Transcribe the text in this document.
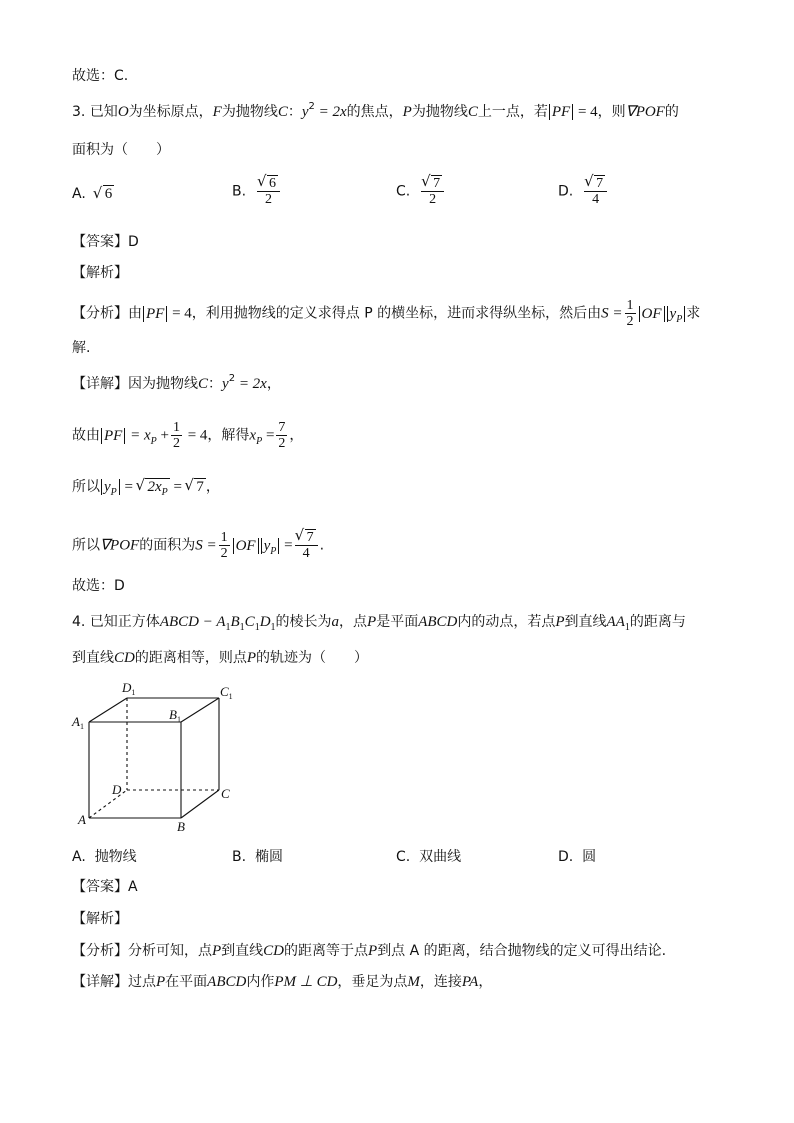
故选：C.
3. 已知O为坐标原点，F为抛物线C：$y^2 = 2x$的焦点，P为抛物线C上一点，若 PF = 4，则∇POF的
面积为（　　）
A. √ 6	B. √ $\frac{6}{2}$	C. √ $\frac{7}{2}$	D. √ $\frac{7}{4}$
【答案】D
【解析】
【分析】由 PF = 4，利用抛物线的定义求得点 P 的横坐标，进而求得纵坐标，然后由$S = \frac{1}{2}$ OF $y_P$ 求
解.
【详解】因为抛物线C：$y^2 = 2x$，
故由 PF = $x_P + \frac{1}{2} = 4$，解得$x_P = \frac{7}{2}$ ，
所以 $y_P$ = √ $2x_P$ = √ 7 ，
所以∇POF的面积为$S = \frac{1}{2}$ OF $y_P$ = √ $\frac{7}{4}$ .
故选：D
4. 已知正方体ABCD − $A_1B_1C_1D_1$的棱长为a，点P是平面ABCD内的动点，若点P到直线$AA_1$的距离与
到直线CD的距离相等，则点P的轨迹为（　　）
$D_1$	$C_1$
$A_1$
$B_1$
D	C
A	B
A. 抛物线	B. 椭圆	C. 双曲线	D. 圆
【答案】A
【解析】
【分析】分析可知，点P到直线CD的距离等于点P到点 A 的距离，结合抛物线的定义可得出结论.
【详解】过点P在平面ABCD内作PM ⊥ CD，垂足为点M，连接PA，
